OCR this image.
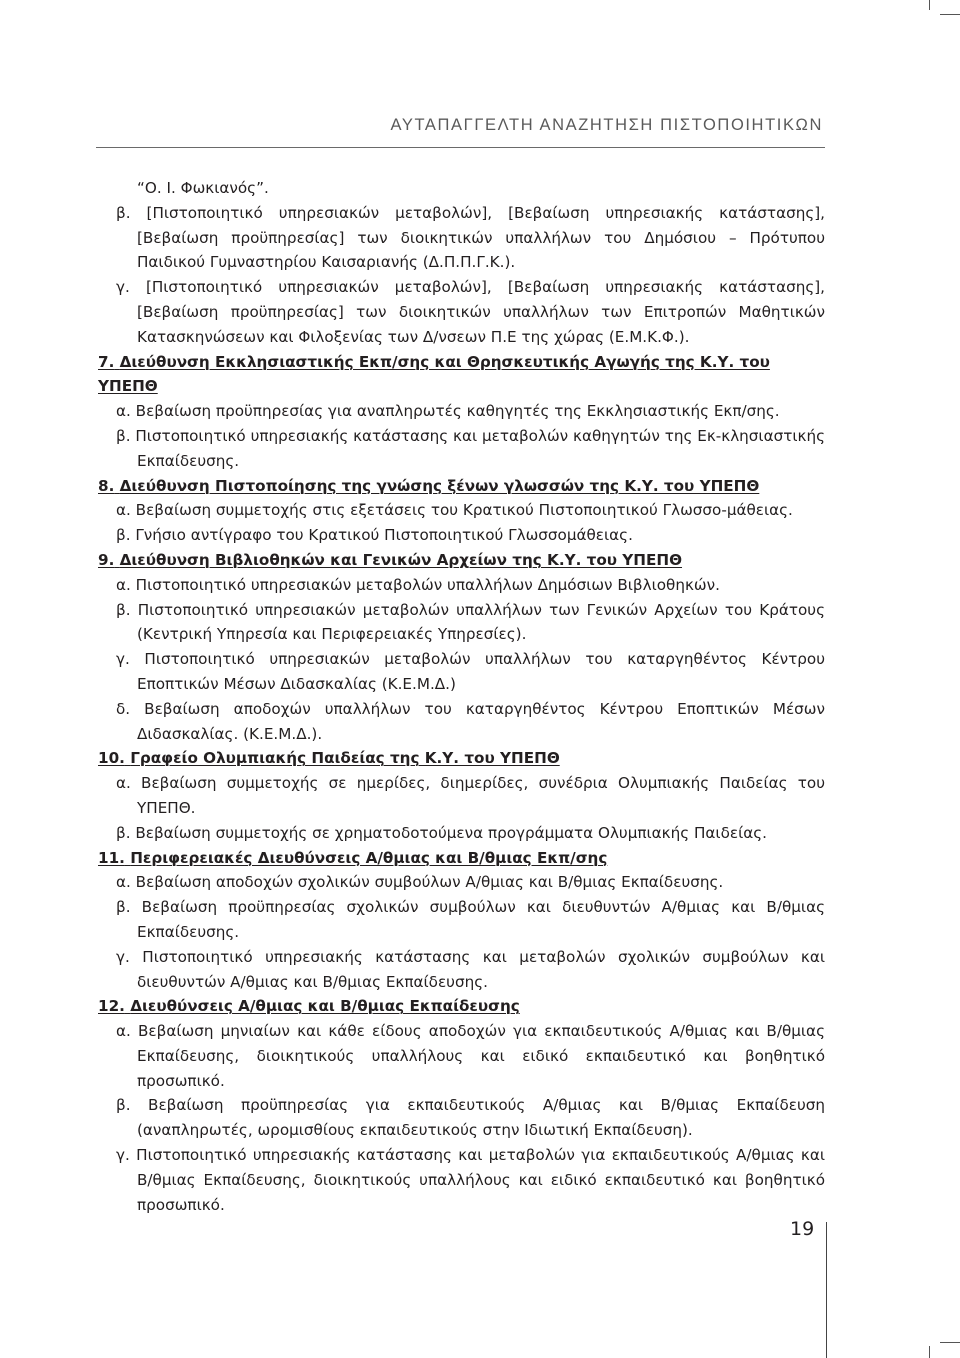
ΑΥΤΑΠΑΓΓΕΛΤΗ ΑΝΑΖΗΤΗΣΗ ΠΙΣΤΟΠΟΙΗΤΙΚΩΝ

“Ο. Ι. Φωκιανός”.

β. [Πιστοποιητικό υπηρεσιακών μεταβολών], [Βεβαίωση υπηρεσιακής κατάστασης], [Βεβαίωση προϋπηρεσίας] των διοικητικών υπαλλήλων του Δημόσιου – Πρότυπου Παιδικού Γυμναστηρίου Καισαριανής (Δ.Π.Π.Γ.Κ.).

γ. [Πιστοποιητικό υπηρεσιακών μεταβολών], [Βεβαίωση υπηρεσιακής κατάστασης], [Βεβαίωση προϋπηρεσίας] των διοικητικών υπαλλήλων των Επιτροπών Μαθητικών Κατασκηνώσεων και Φιλοξενίας των Δ/νσεων Π.Ε της χώρας (Ε.Μ.Κ.Φ.).

7. Διεύθυνση Εκκλησιαστικής Εκπ/σης και Θρησκευτικής Αγωγής της Κ.Υ. του ΥΠΕΠΘ

α. Βεβαίωση προϋπηρεσίας για αναπληρωτές καθηγητές της Εκκλησιαστικής Εκπ/σης.

β. Πιστοποιητικό υπηρεσιακής κατάστασης και μεταβολών καθηγητών της Εκ-κλησιαστικής Εκπαίδευσης.

8. Διεύθυνση Πιστοποίησης της γνώσης ξένων γλωσσών της Κ.Υ. του ΥΠΕΠΘ

α. Βεβαίωση συμμετοχής στις εξετάσεις του Κρατικού Πιστοποιητικού Γλωσσο-μάθειας.

β. Γνήσιο αντίγραφο του Κρατικού Πιστοποιητικού Γλωσσομάθειας.

9. Διεύθυνση Βιβλιοθηκών και Γενικών Αρχείων της Κ.Υ. του ΥΠΕΠΘ

α. Πιστοποιητικό υπηρεσιακών μεταβολών υπαλλήλων Δημόσιων Βιβλιοθηκών.

β. Πιστοποιητικό υπηρεσιακών μεταβολών υπαλλήλων των Γενικών Αρχείων του Κράτους (Κεντρική Υπηρεσία και Περιφερειακές Υπηρεσίες).

γ. Πιστοποιητικό υπηρεσιακών μεταβολών υπαλλήλων του καταργηθέντος Κέντρου Εποπτικών Μέσων Διδασκαλίας (Κ.Ε.Μ.Δ.)

δ. Βεβαίωση αποδοχών υπαλλήλων του καταργηθέντος Κέντρου Εποπτικών Μέσων Διδασκαλίας. (Κ.Ε.Μ.Δ.).

10. Γραφείο Ολυμπιακής Παιδείας της Κ.Υ. του ΥΠΕΠΘ

α. Βεβαίωση συμμετοχής σε ημερίδες, διημερίδες, συνέδρια Ολυμπιακής Παιδείας του ΥΠΕΠΘ.

β. Βεβαίωση συμμετοχής σε χρηματοδοτούμενα προγράμματα Ολυμπιακής Παιδείας.

11. Περιφερειακές Διευθύνσεις Α/θμιας και Β/θμιας Εκπ/σης

α. Βεβαίωση αποδοχών σχολικών συμβούλων Α/θμιας και Β/θμιας Εκπαίδευσης.

β. Βεβαίωση προϋπηρεσίας σχολικών συμβούλων και διευθυντών Α/θμιας και Β/θμιας Εκπαίδευσης.

γ. Πιστοποιητικό υπηρεσιακής κατάστασης και μεταβολών σχολικών συμβούλων και διευθυντών Α/θμιας και Β/θμιας Εκπαίδευσης.

12. Διευθύνσεις Α/θμιας και Β/θμιας Εκπαίδευσης

α. Βεβαίωση μηνιαίων και κάθε είδους αποδοχών για εκπαιδευτικούς Α/θμιας και Β/θμιας Εκπαίδευσης, διοικητικούς υπαλλήλους και ειδικό εκπαιδευτικό και βοηθητικό προσωπικό.

β. Βεβαίωση προϋπηρεσίας για εκπαιδευτικούς Α/θμιας και Β/θμιας Εκπαίδευση (αναπληρωτές, ωρομισθίους εκπαιδευτικούς στην Ιδιωτική Εκπαίδευση).

γ. Πιστοποιητικό υπηρεσιακής κατάστασης και μεταβολών για εκπαιδευτικούς Α/θμιας και Β/θμιας Εκπαίδευσης, διοικητικούς υπαλλήλους και ειδικό εκπαιδευτικό και βοηθητικό προσωπικό.

19
